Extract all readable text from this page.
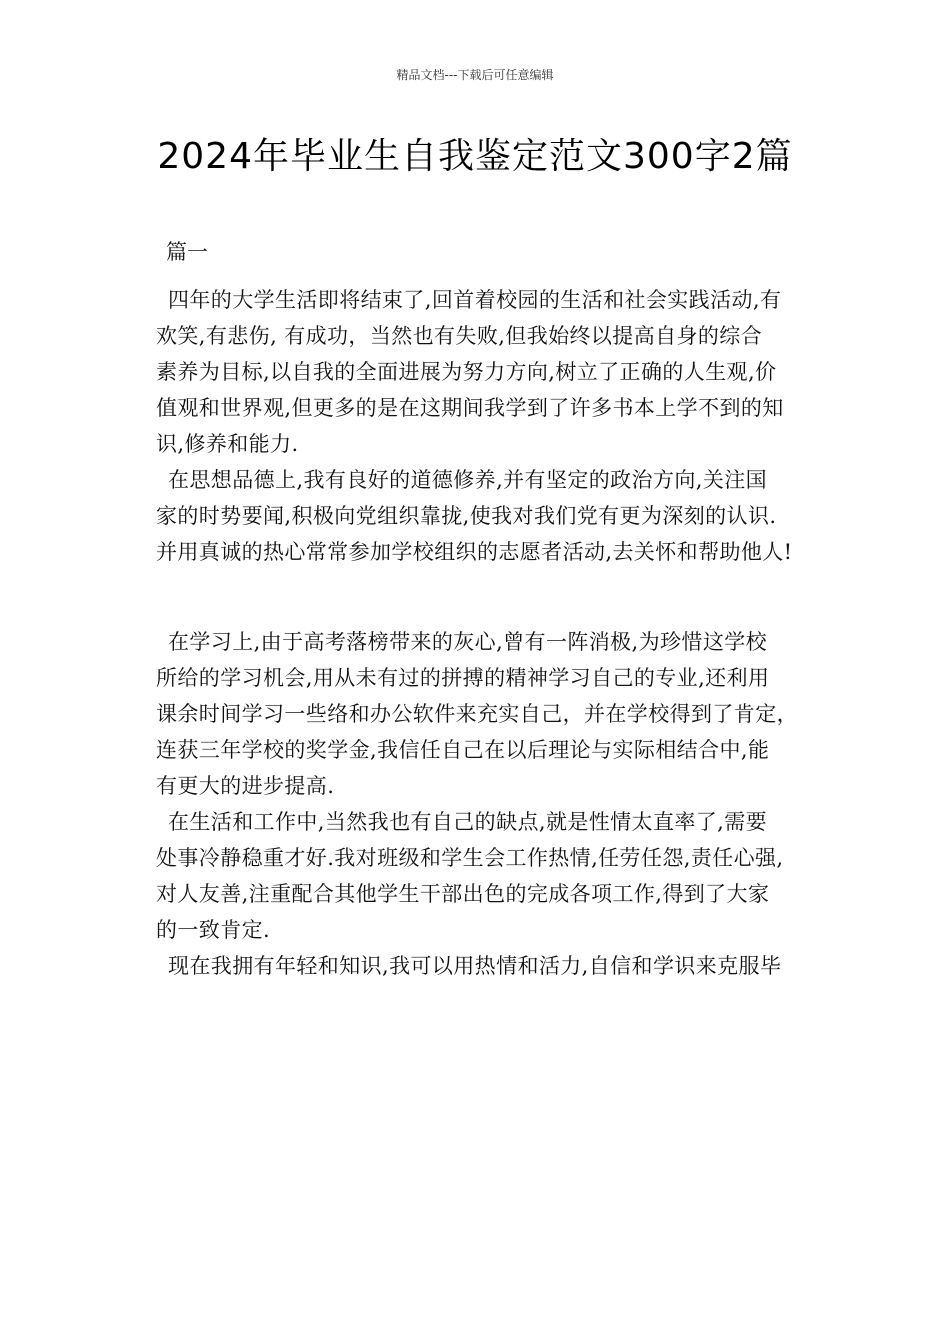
精品文档---下载后可任意编辑
2024年毕业生自我鉴定范文300字2篇
篇一
四年的大学生活即将结束了,回首着校园的生活和社会实践活动,有
欢笑,有悲伤, 有成功，当然也有失败,但我始终以提高自身的综合
素养为目标,以自我的全面进展为努力方向,树立了正确的人生观,价
值观和世界观,但更多的是在这期间我学到了许多书本上学不到的知
识,修养和能力.
在思想品德上,我有良好的道德修养,并有坚定的政治方向,关注国
家的时势要闻,积极向党组织靠拢,使我对我们党有更为深刻的认识.
并用真诚的热心常常参加学校组织的志愿者活动,去关怀和帮助他人!
在学习上,由于高考落榜带来的灰心,曾有一阵消极,为珍惜这学校
所给的学习机会,用从未有过的拼搏的精神学习自己的专业,还利用
课余时间学习一些络和办公软件来充实自己，并在学校得到了肯定，
连获三年学校的奖学金,我信任自己在以后理论与实际相结合中,能
有更大的进步提高.
在生活和工作中,当然我也有自己的缺点,就是性情太直率了,需要
处事冷静稳重才好.我对班级和学生会工作热情,任劳任怨,责任心强,
对人友善,注重配合其他学生干部出色的完成各项工作,得到了大家
的一致肯定.
现在我拥有年轻和知识,我可以用热情和活力,自信和学识来克服毕
